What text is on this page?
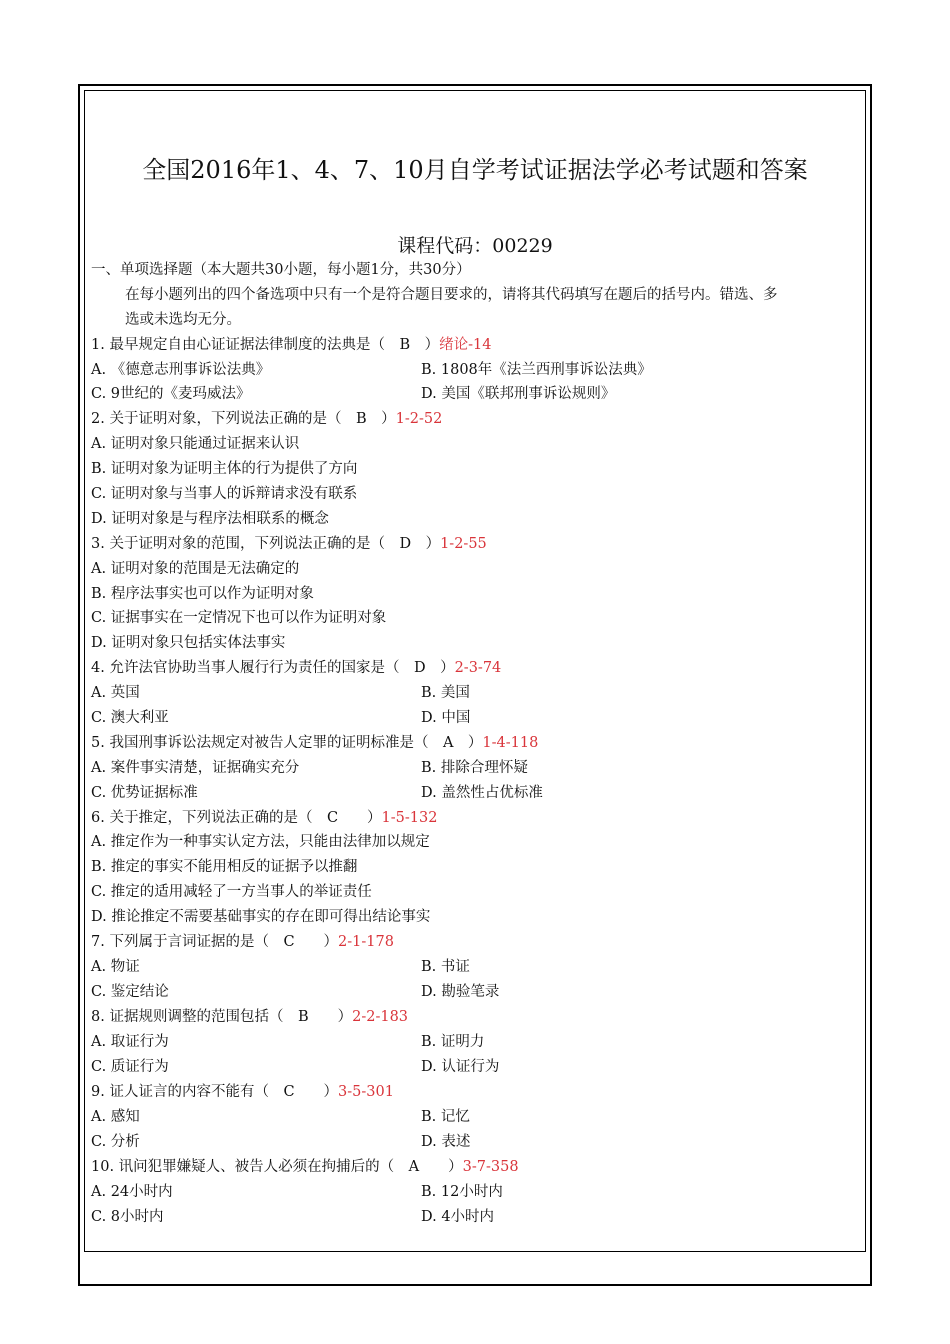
全国2016年1、4、7、10月自学考试证据法学必考试题和答案
课程代码：00229
一、单项选择题（本大题共30小题，每小题1分，共30分）
在每小题列出的四个备选项中只有一个是符合题目要求的，请将其代码填写在题后的括号内。错选、多
选或未选均无分。
1. 最早规定自由心证证据法律制度的法典是（　B　）绪论-14
A. 《德意志刑事诉讼法典》	B. 1808年《法兰西刑事诉讼法典》
C. 9世纪的《麦玛威法》	D. 美国《联邦刑事诉讼规则》
2. 关于证明对象，下列说法正确的是（　B　）1-2-52
A. 证明对象只能通过证据来认识
B. 证明对象为证明主体的行为提供了方向
C. 证明对象与当事人的诉辩请求没有联系
D. 证明对象是与程序法相联系的概念
3. 关于证明对象的范围，下列说法正确的是（　D　）1-2-55
A. 证明对象的范围是无法确定的
B. 程序法事实也可以作为证明对象
C. 证据事实在一定情况下也可以作为证明对象
D. 证明对象只包括实体法事实
4. 允许法官协助当事人履行行为责任的国家是（　D　）2-3-74
A. 英国	B. 美国
C. 澳大利亚	D. 中国
5. 我国刑事诉讼法规定对被告人定罪的证明标准是（　A　）1-4-118
A. 案件事实清楚，证据确实充分	B. 排除合理怀疑
C. 优势证据标准	D. 盖然性占优标准
6. 关于推定，下列说法正确的是（　C　　）1-5-132
A. 推定作为一种事实认定方法，只能由法律加以规定
B. 推定的事实不能用相反的证据予以推翻
C. 推定的适用减轻了一方当事人的举证责任
D. 推论推定不需要基础事实的存在即可得出结论事实
7. 下列属于言词证据的是（　C　　）2-1-178
A. 物证	B. 书证
C. 鉴定结论	D. 勘验笔录
8. 证据规则调整的范围包括（　B　　）2-2-183
A. 取证行为	B. 证明力
C. 质证行为	D. 认证行为
9. 证人证言的内容不能有（　C　　）3-5-301
A. 感知	B. 记忆
C. 分析	D. 表述
10. 讯问犯罪嫌疑人、被告人必须在拘捕后的（　A　　）3-7-358
A. 24小时内	B. 12小时内
C. 8小时内	D. 4小时内
